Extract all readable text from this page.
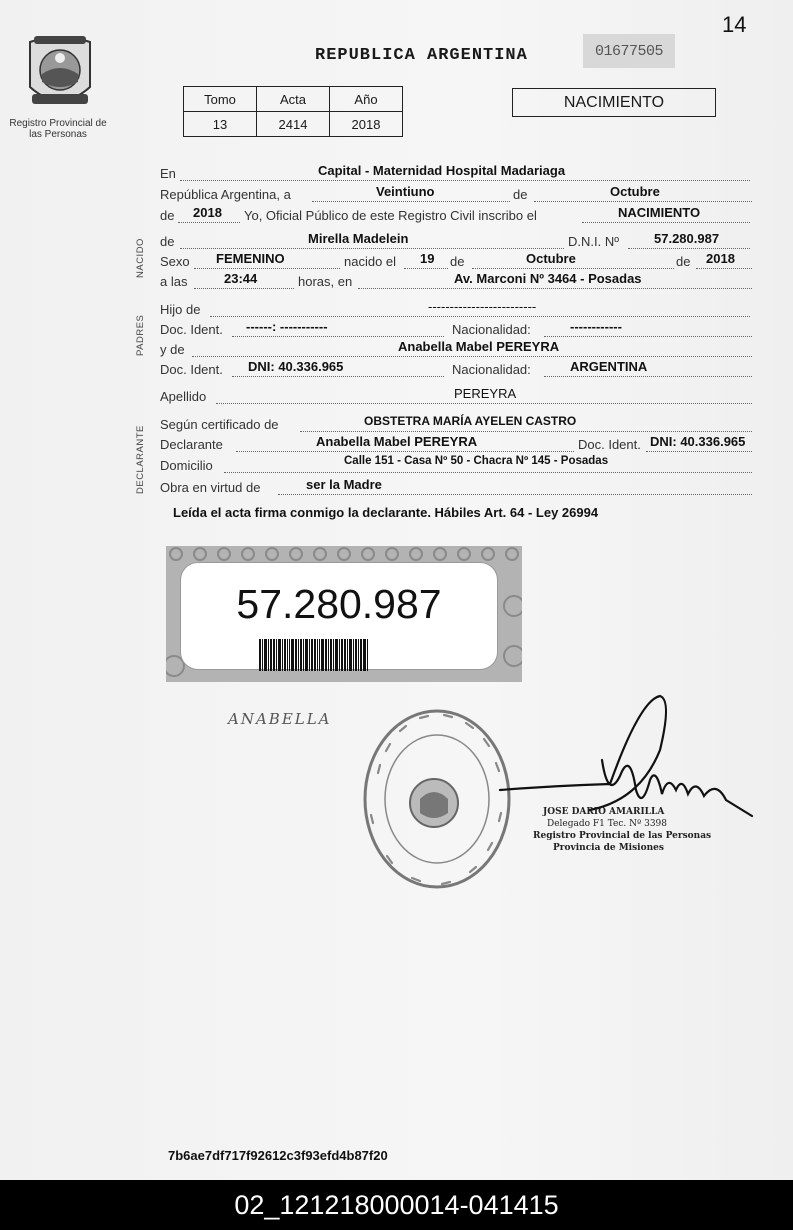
14
Registro Provincial de las Personas
REPUBLICA ARGENTINA	01677505
Tomo	Acta	Año
13	2414	2018
NACIMIENTO
En	Capital - Maternidad Hospital Madariaga
República Argentina, a	Veintiuno	de	Octubre
de 2018 Yo, Oficial Público de este Registro Civil inscribo el	NACIMIENTO
NACIDO de	Mirella Madelein	D.N.I. Nº	57.280.987
Sexo FEMENINO	nacido el 19 de	Octubre	de 2018
a las	23:44	horas, en	Av. Marconi Nº 3464 - Posadas
PADRES
Hijo de	-------------------------
Doc. Ident. ------: -----------	Nacionalidad:	------------
y de	Anabella Mabel PEREYRA
Doc. Ident. DNI: 40.336.965	Nacionalidad:	ARGENTINA
Apellido	PEREYRA
DECLARANTE
Según certificado de	OBSTETRA MARÍA AYELEN CASTRO
Declarante	Anabella Mabel PEREYRA	Doc. Ident. DNI: 40.336.965
Domicilio	Calle 151 - Casa Nº 50 - Chacra Nº 145 - Posadas
Obra en virtud de	ser la Madre
Leída el acta firma conmigo la declarante. Hábiles Art. 64 - Ley 26994
57.280.987
ANABELLA
JOSE DARIO AMARILLA
Delegado F1 Tec. Nº 3398
Registro Provincial de las Personas
Provincia de Misiones
7b6ae7df717f92612c3f93efd4b87f20
02_121218000014-041415
